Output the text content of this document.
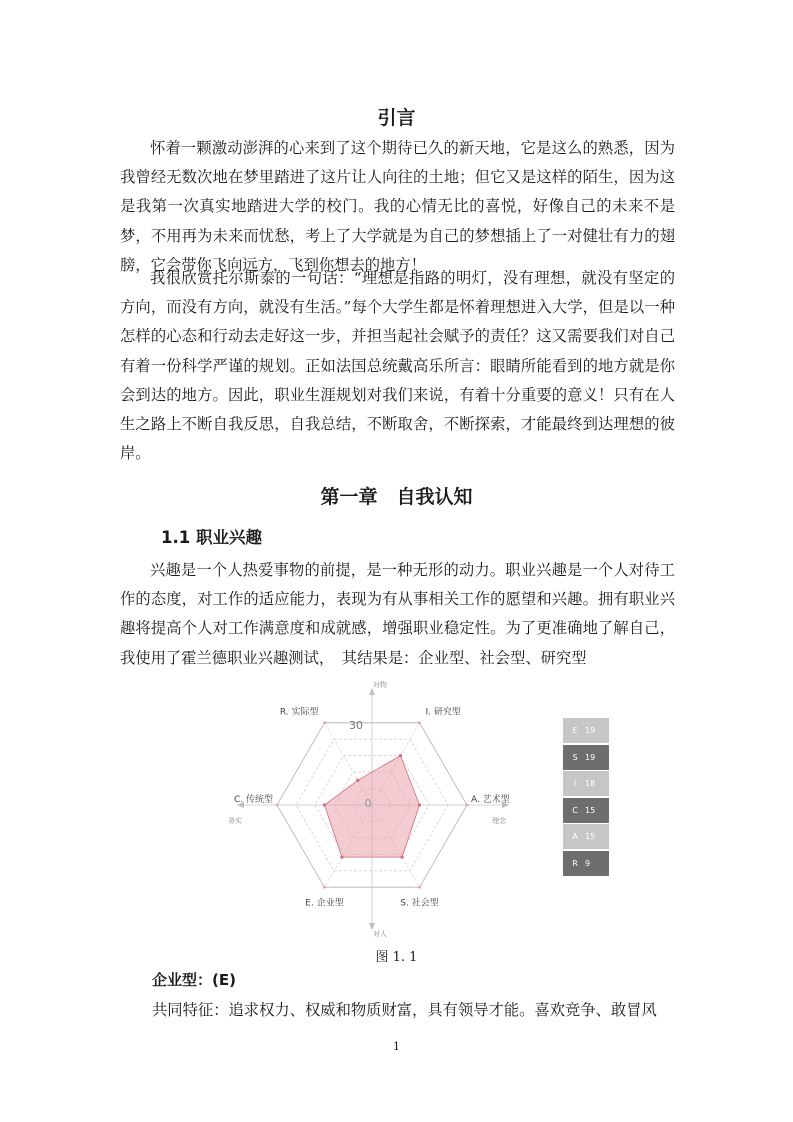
引言

怀着一颗激动澎湃的心来到了这个期待已久的新天地，它是这么的熟悉，因为我曾经无数次地在梦里踏进了这片让人向往的土地；但它又是这样的陌生，因为这是我第一次真实地踏进大学的校门。我的心情无比的喜悦，好像自己的未来不是梦，不用再为未来而忧愁，考上了大学就是为自己的梦想插上了一对健壮有力的翅膀，它会带你飞向远方，飞到你想去的地方！

我很欣赏托尔斯泰的一句话：“理想是指路的明灯，没有理想，就没有坚定的方向，而没有方向，就没有生活。”每个大学生都是怀着理想进入大学，但是以一种怎样的心态和行动去走好这一步，并担当起社会赋予的责任？这又需要我们对自己有着一份科学严谨的规划。正如法国总统戴高乐所言：眼睛所能看到的地方就是你会到达的地方。因此，职业生涯规划对我们来说，有着十分重要的意义！只有在人生之路上不断自我反思，自我总结，不断取舍，不断探索，才能最终到达理想的彼岸。

第一章　自我认知
1.1 职业兴趣

兴趣是一个人热爱事物的前提，是一种无形的动力。职业兴趣是一个人对待工作的态度，对工作的适应能力，表现为有从事相关工作的愿望和兴趣。拥有职业兴趣将提高个人对工作满意度和成就感，增强职业稳定性。为了更准确地了解自己，我使用了霍兰德职业兴趣测试，　其结果是：企业型、社会型、研究型

I. 研究型
A. 艺术型
S. 社会型
E. 企业型
C. 传统型
R. 实际型
30
0
对物
对人
务实	理念
E 19
S 19
I	18
C 15
A 15
R 9
图 1. 1
企业型：(E)

共同特征：追求权力、权威和物质财富，具有领导才能。喜欢竞争、敢冒风

1
